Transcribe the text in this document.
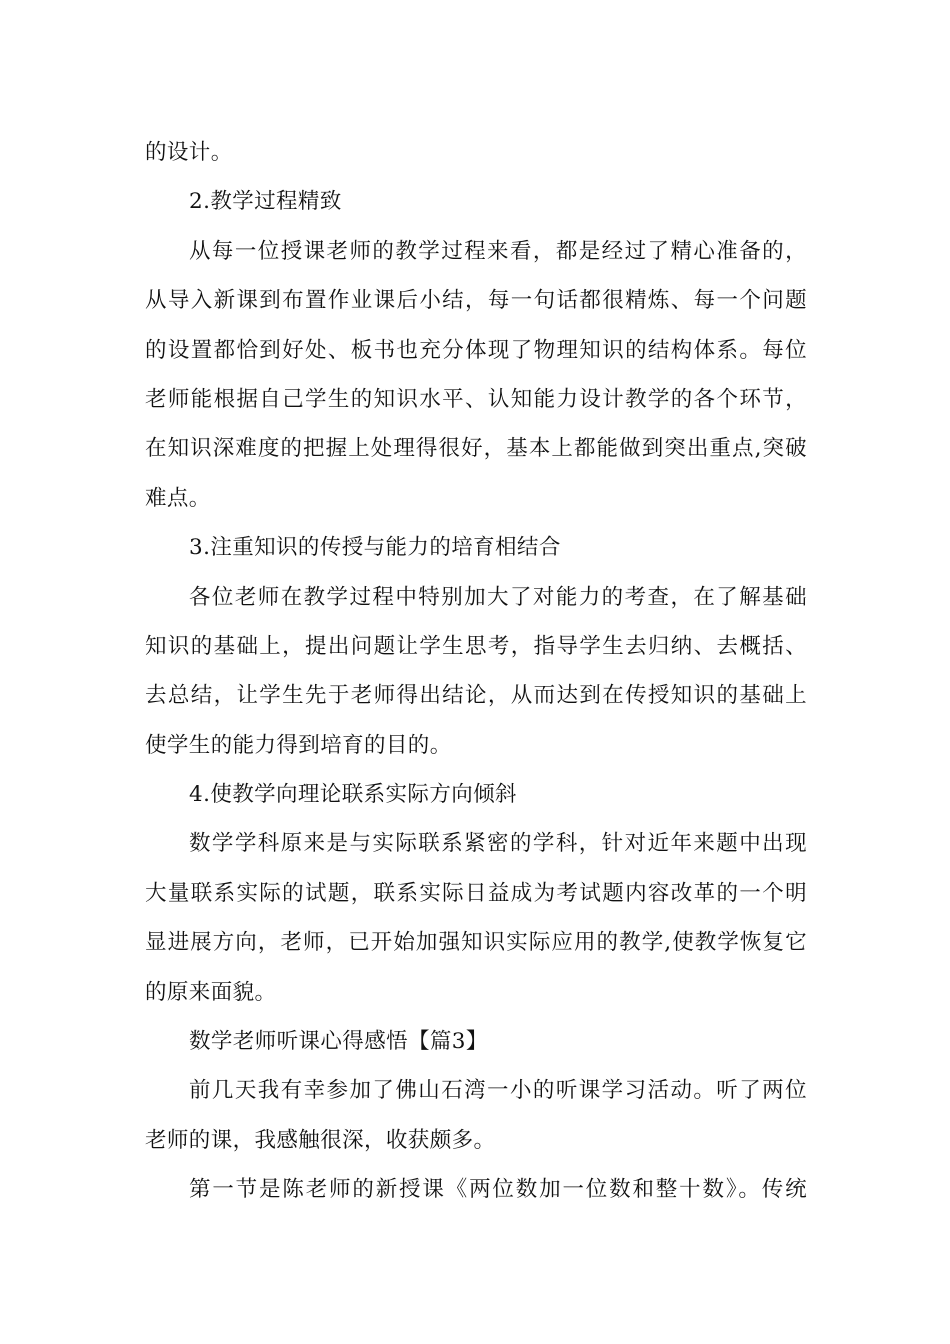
的设计。
2.教学过程精致
从每一位授课老师的教学过程来看，都是经过了精心准备的，
从导入新课到布置作业课后小结，每一句话都很精炼、每一个问题
的设置都恰到好处、板书也充分体现了物理知识的结构体系。每位
老师能根据自己学生的知识水平、认知能力设计教学的各个环节，
在知识深难度的把握上处理得很好，基本上都能做到突出重点,突破
难点。
3.注重知识的传授与能力的培育相结合
各位老师在教学过程中特别加大了对能力的考查，在了解基础
知识的基础上，提出问题让学生思考，指导学生去归纳、去概括、
去总结，让学生先于老师得出结论，从而达到在传授知识的基础上
使学生的能力得到培育的目的。
4.使教学向理论联系实际方向倾斜
数学学科原来是与实际联系紧密的学科，针对近年来题中出现
大量联系实际的试题，联系实际日益成为考试题内容改革的一个明
显进展方向，老师，已开始加强知识实际应用的教学,使教学恢复它
的原来面貌。
数学老师听课心得感悟【篇3】
前几天我有幸参加了佛山石湾一小的听课学习活动。听了两位
老师的课，我感触很深，收获颇多。
第一节是陈老师的新授课《两位数加一位数和整十数》。传统
